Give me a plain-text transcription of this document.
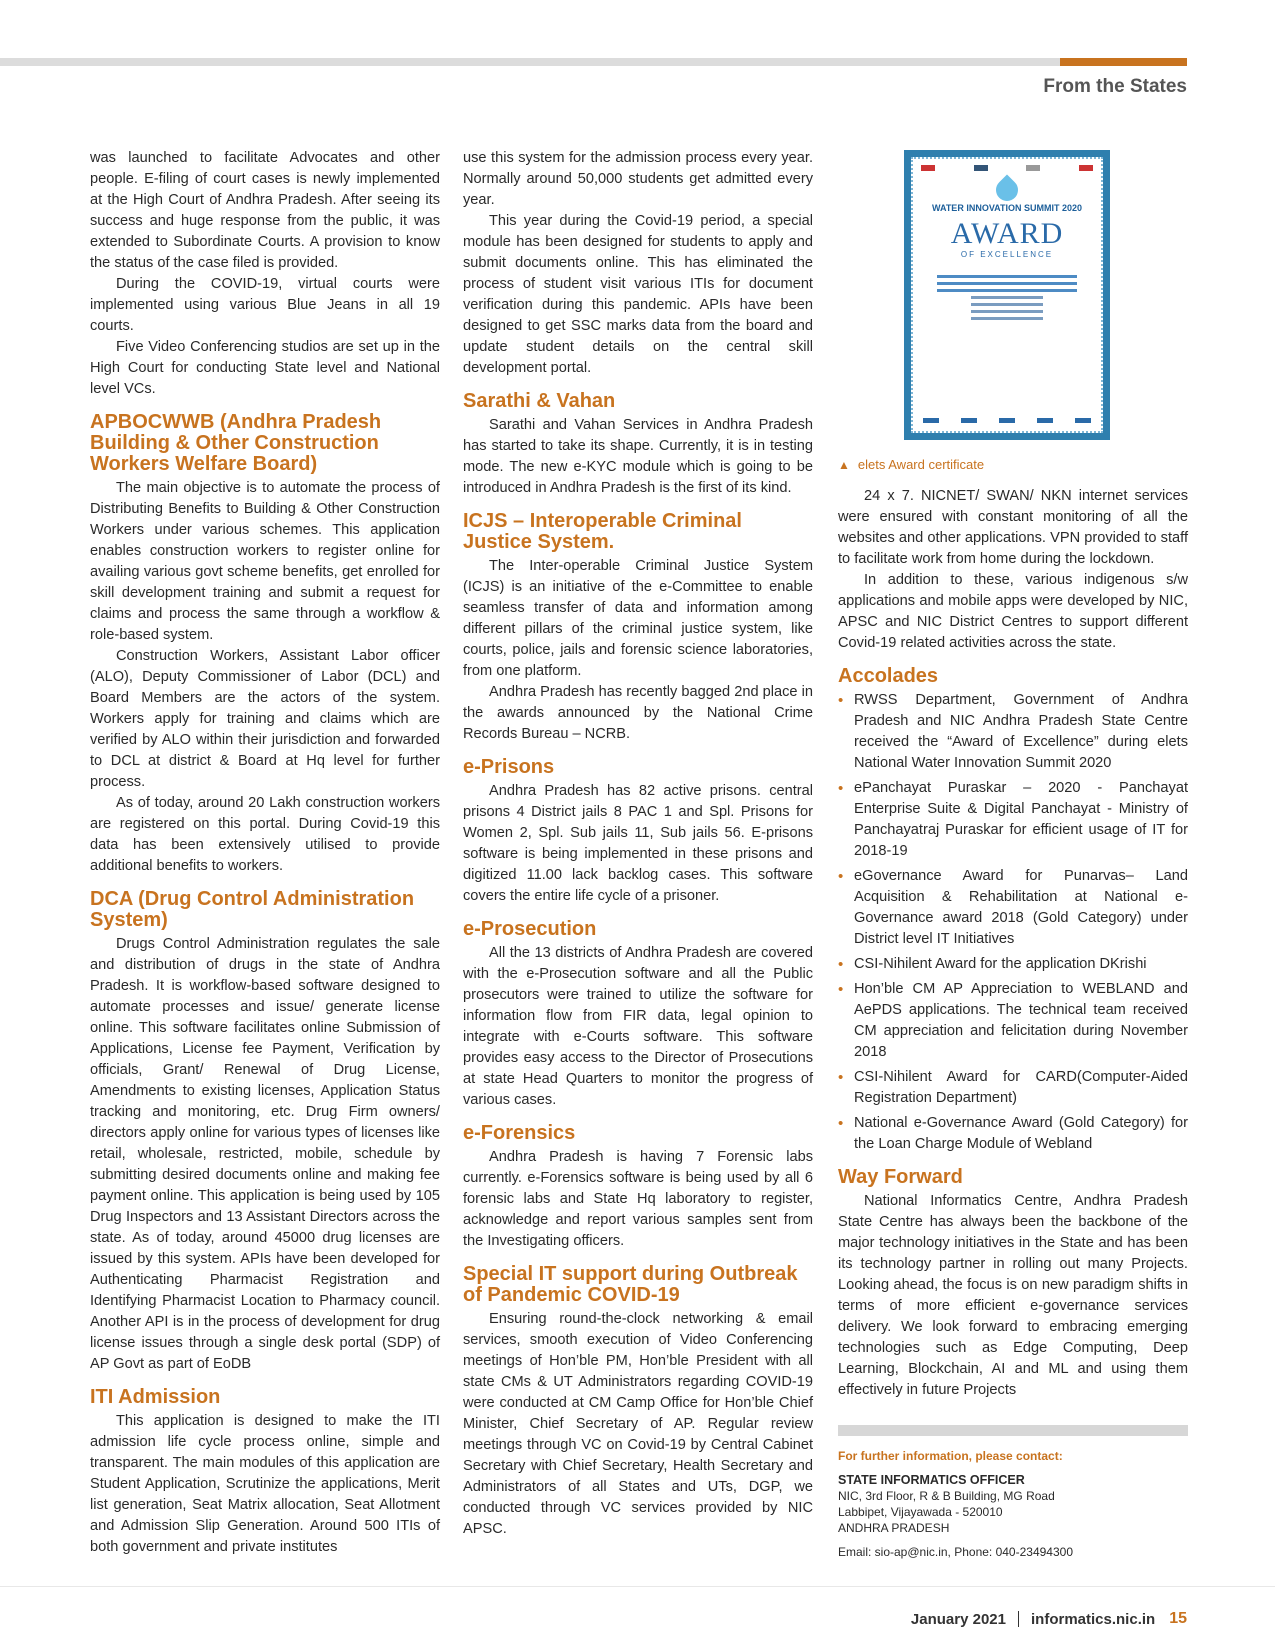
From the States

was launched to facilitate Advocates and other people. E-filing of court cases is newly implemented at the High Court of Andhra Pradesh. After seeing its success and huge response from the public, it was extended to Subordinate Courts. A provision to know the status of the case filed is provided.

During the COVID-19, virtual courts were implemented using various Blue Jeans in all 19 courts.

Five Video Conferencing studios are set up in the High Court for conducting State level and National level VCs.

APBOCWWB (Andhra Pradesh Building & Other Construction Workers Welfare Board)

The main objective is to automate the process of Distributing Benefits to Building & Other Construction Workers under various schemes. This application enables construction workers to register online for availing various govt scheme benefits, get enrolled for skill development training and submit a request for claims and process the same through a workflow & role-based system.

Construction Workers, Assistant Labor officer (ALO), Deputy Commissioner of Labor (DCL) and Board Members are the actors of the system. Workers apply for training and claims which are verified by ALO within their jurisdiction and forwarded to DCL at district & Board at Hq level for further process.

As of today, around 20 Lakh construction workers are registered on this portal. During Covid-19 this data has been extensively utilised to provide additional benefits to workers.

DCA (Drug Control Administration System)

Drugs Control Administration regulates the sale and distribution of drugs in the state of Andhra Pradesh. It is workflow-based software designed to automate processes and issue/ generate license online. This software facilitates online Submission of Applications, License fee Payment, Verification by officials, Grant/ Renewal of Drug License, Amendments to existing licenses, Application Status tracking and monitoring, etc. Drug Firm owners/ directors apply online for various types of licenses like retail, wholesale, restricted, mobile, schedule by submitting desired documents online and making fee payment online. This application is being used by 105 Drug Inspectors and 13 Assistant Directors across the state. As of today, around 45000 drug licenses are issued by this system. APIs have been developed for Authenticating Pharmacist Registration and Identifying Pharmacist Location to Pharmacy council. Another API is in the process of development for drug license issues through a single desk portal (SDP) of AP Govt as part of EoDB

ITI Admission

This application is designed to make the ITI admission life cycle process online, simple and transparent. The main modules of this application are Student Application, Scrutinize the applications, Merit list generation, Seat Matrix allocation, Seat Allotment and Admission Slip Generation. Around 500 ITIs of both government and private institutes

use this system for the admission process every year. Normally around 50,000 students get admitted every year.

This year during the Covid-19 period, a special module has been designed for students to apply and submit documents online. This has eliminated the process of student visit various ITIs for document verification during this pandemic. APIs have been designed to get SSC marks data from the board and update student details on the central skill development portal.

Sarathi & Vahan

Sarathi and Vahan Services in Andhra Pradesh has started to take its shape. Currently, it is in testing mode. The new e-KYC module which is going to be introduced in Andhra Pradesh is the first of its kind.

ICJS – Interoperable Criminal Justice System.

The Inter-operable Criminal Justice System (ICJS) is an initiative of the e-Committee to enable seamless transfer of data and information among different pillars of the criminal justice system, like courts, police, jails and forensic science laboratories, from one platform.

Andhra Pradesh has recently bagged 2nd place in the awards announced by the National Crime Records Bureau – NCRB.

e-Prisons

Andhra Pradesh has 82 active prisons. central prisons 4 District jails 8 PAC 1 and Spl. Prisons for Women 2, Spl. Sub jails 11, Sub jails 56. E-prisons software is being implemented in these prisons and digitized 11.00 lack backlog cases. This software covers the entire life cycle of a prisoner.

e-Prosecution

All the 13 districts of Andhra Pradesh are covered with the e-Prosecution software and all the Public prosecutors were trained to utilize the software for information flow from FIR data, legal opinion to integrate with e-Courts software. This software provides easy access to the Director of Prosecutions at state Head Quarters to monitor the progress of various cases.

e-Forensics

Andhra Pradesh is having 7 Forensic labs currently. e-Forensics software is being used by all 6 forensic labs and State Hq laboratory to register, acknowledge and report various samples sent from the Investigating officers.

Special IT support during Outbreak of Pandemic COVID-19

Ensuring round-the-clock networking & email services, smooth execution of Video Conferencing meetings of Hon’ble PM, Hon’ble President with all state CMs & UT Administrators regarding COVID-19 were conducted at CM Camp Office for Hon’ble Chief Minister, Chief Secretary of AP. Regular review meetings through VC on Covid-19 by Central Cabinet Secretary with Chief Secretary, Health Secretary and Administrators of all States and UTs, DGP, we conducted through VC services provided by NIC APSC.

WATER INNOVATION SUMMIT 2020
AWARD
OF EXCELLENCE
▲ elets Award certificate

24 x 7. NICNET/ SWAN/ NKN internet services were ensured with constant monitoring of all the websites and other applications. VPN provided to staff to facilitate work from home during the lockdown.

In addition to these, various indigenous s/w applications and mobile apps were developed by NIC, APSC and NIC District Centres to support different Covid-19 related activities across the state.

Accolades
• RWSS Department, Government of Andhra Pradesh and NIC Andhra Pradesh State Centre received the “Award of Excellence” during elets National Water Innovation Summit 2020
• ePanchayat Puraskar – 2020 - Panchayat Enterprise Suite & Digital Panchayat - Ministry of Panchayatraj Puraskar for efficient usage of IT for 2018-19
• eGovernance Award for Punarvas– Land Acquisition & Rehabilitation at National e-Governance award 2018 (Gold Category) under District level IT Initiatives
• CSI-Nihilent Award for the application DKrishi
• Hon’ble CM AP Appreciation to WEBLAND and AePDS applications. The technical team received CM appreciation and felicitation during November 2018
• CSI-Nihilent Award for CARD(Computer-Aided Registration Department)
• National e-Governance Award (Gold Category) for the Loan Charge Module of Webland
Way Forward

National Informatics Centre, Andhra Pradesh State Centre has always been the backbone of the major technology initiatives in the State and has been its technology partner in rolling out many Projects. Looking ahead, the focus is on new paradigm shifts in terms of more efficient e-governance services delivery. We look forward to embracing emerging technologies such as Edge Computing, Deep Learning, Blockchain, AI and ML and using them effectively in future Projects

For further information, please contact:
STATE INFORMATICS OFFICER
NIC, 3rd Floor, R & B Building, MG Road
Labbipet, Vijayawada - 520010
ANDHRA PRADESH
Email: sio-ap@nic.in, Phone: 040-23494300
January 2021 informatics.nic.in 15
